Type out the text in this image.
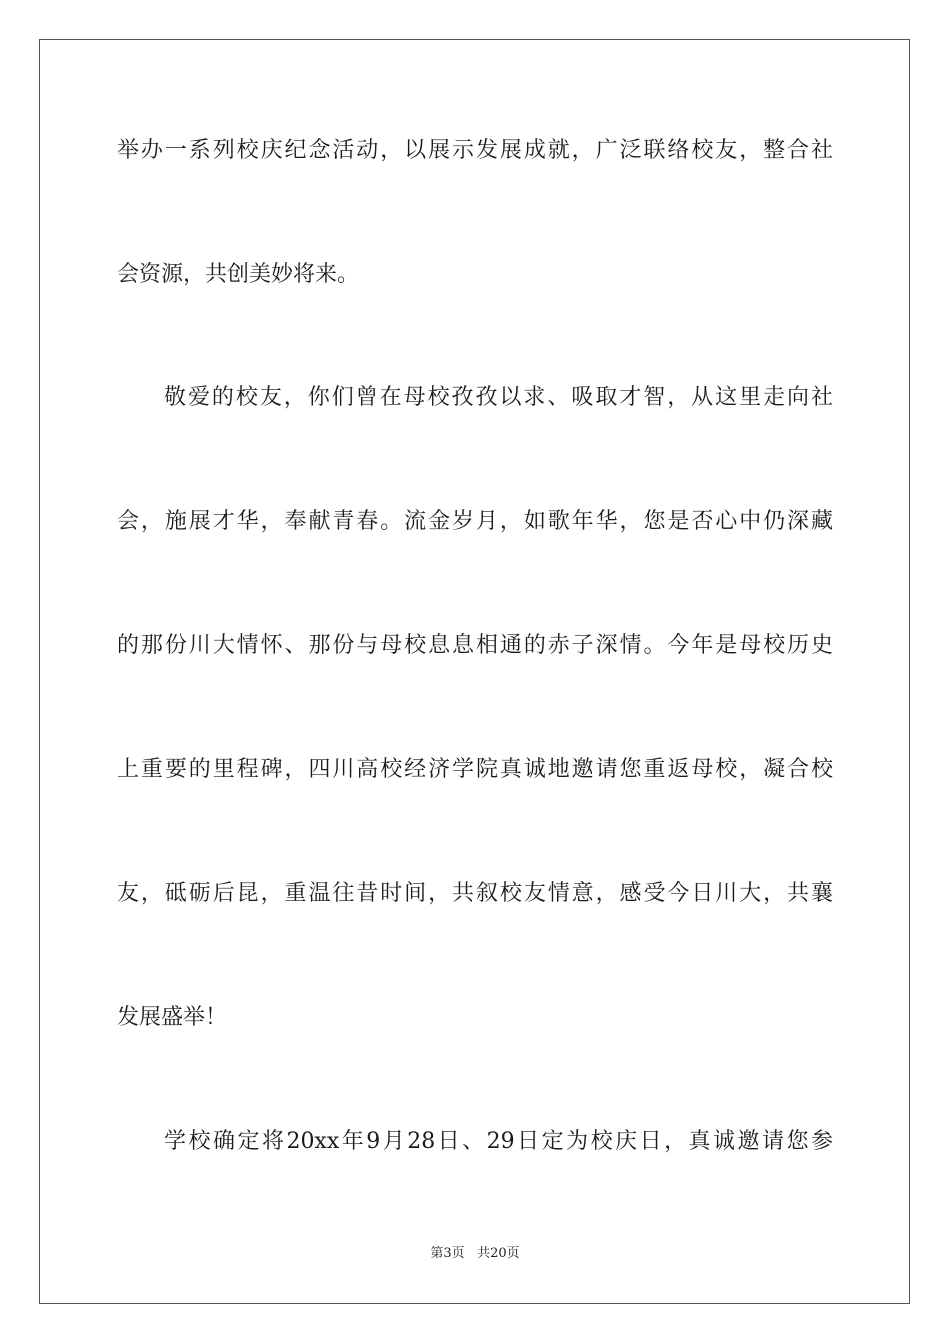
举办一系列校庆纪念活动，以展示发展成就，广泛联络校友，整合社
会资源，共创美妙将来。
敬爱的校友，你们曾在母校孜孜以求、吸取才智，从这里走向社
会，施展才华，奉献青春。流金岁月，如歌年华，您是否心中仍深藏
的那份川大情怀、那份与母校息息相通的赤子深情。今年是母校历史
上重要的里程碑，四川高校经济学院真诚地邀请您重返母校，凝合校
友，砥砺后昆，重温往昔时间，共叙校友情意，感受今日川大，共襄
发展盛举！
学校确定将20xx年9月28日、29日定为校庆日，真诚邀请您参
第3页 共20页
